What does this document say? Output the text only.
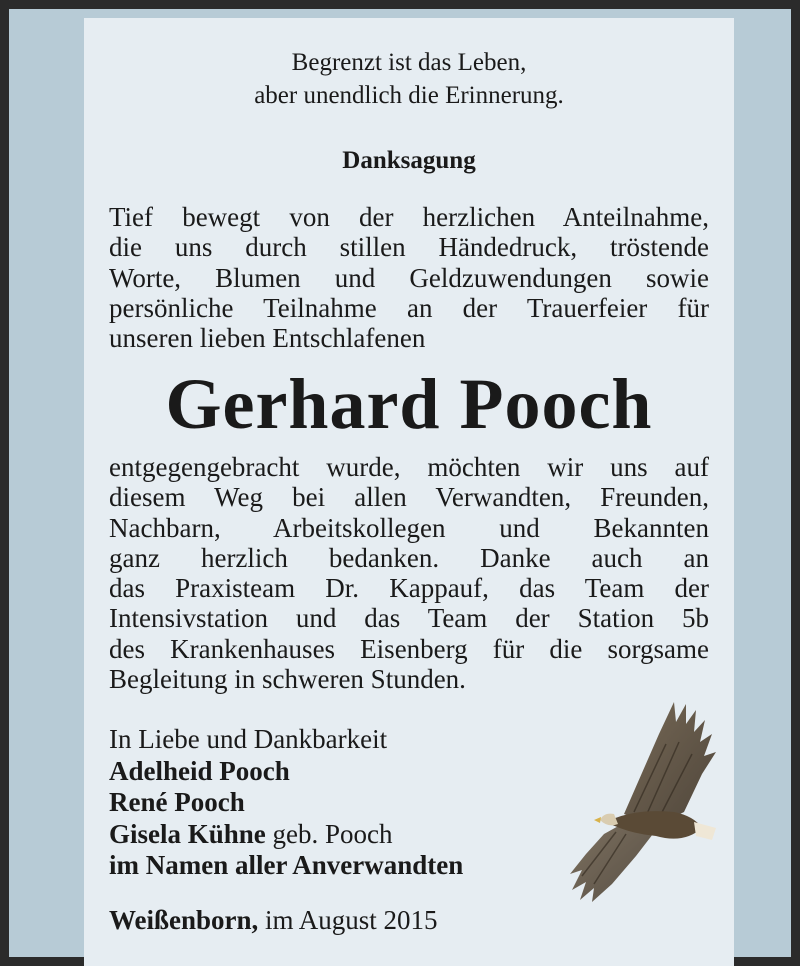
Begrenzt ist das Leben,
aber unendlich die Erinnerung.
Danksagung
Tief bewegt von der herzlichen Anteilnahme,
die uns durch stillen Händedruck, tröstende
Worte, Blumen und Geldzuwendungen sowie
persönliche Teilnahme an der Trauerfeier für
unseren lieben Entschlafenen
Gerhard Pooch
entgegengebracht wurde, möchten wir uns auf
diesem Weg bei allen Verwandten, Freunden,
Nachbarn, Arbeitskollegen und Bekannten
ganz herzlich bedanken. Danke auch an
das Praxisteam Dr. Kappauf, das Team der
Intensivstation und das Team der Station 5b
des Krankenhauses Eisenberg für die sorgsame
Begleitung in schweren Stunden.
In Liebe und Dankbarkeit
Adelheid Pooch
René Pooch
Gisela Kühne geb. Pooch
im Namen aller Anverwandten
Weißenborn, im August 2015
